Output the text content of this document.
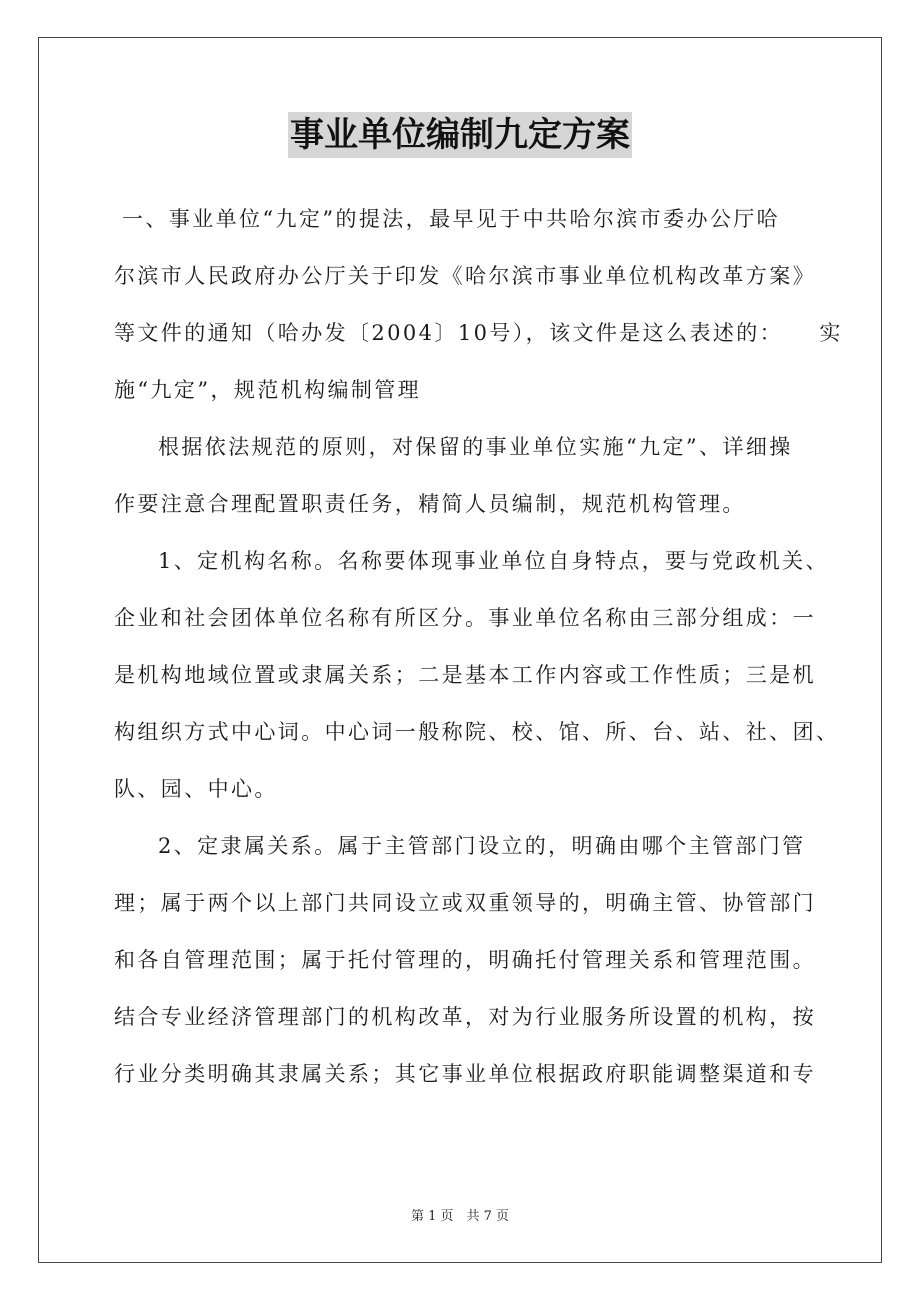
事业单位编制九定方案
一、事业单位“九定”的提法，最早见于中共哈尔滨市委办公厅哈
尔滨市人民政府办公厅关于印发《哈尔滨市事业单位机构改革方案》
等文件的通知（哈办发〔2004〕10号），该文件是这么表述的：　　实
施“九定”，规范机构编制管理
根据依法规范的原则，对保留的事业单位实施“九定”、详细操
作要注意合理配置职责任务，精简人员编制，规范机构管理。
1、定机构名称。名称要体现事业单位自身特点，要与党政机关、
企业和社会团体单位名称有所区分。事业单位名称由三部分组成：一
是机构地域位置或隶属关系；二是基本工作内容或工作性质；三是机
构组织方式中心词。中心词一般称院、校、馆、所、台、站、社、团、
队、园、中心。
2、定隶属关系。属于主管部门设立的，明确由哪个主管部门管
理；属于两个以上部门共同设立或双重领导的，明确主管、协管部门
和各自管理范围；属于托付管理的，明确托付管理关系和管理范围。
结合专业经济管理部门的机构改革，对为行业服务所设置的机构，按
行业分类明确其隶属关系；其它事业单位根据政府职能调整渠道和专
第 1 页　共 7 页
